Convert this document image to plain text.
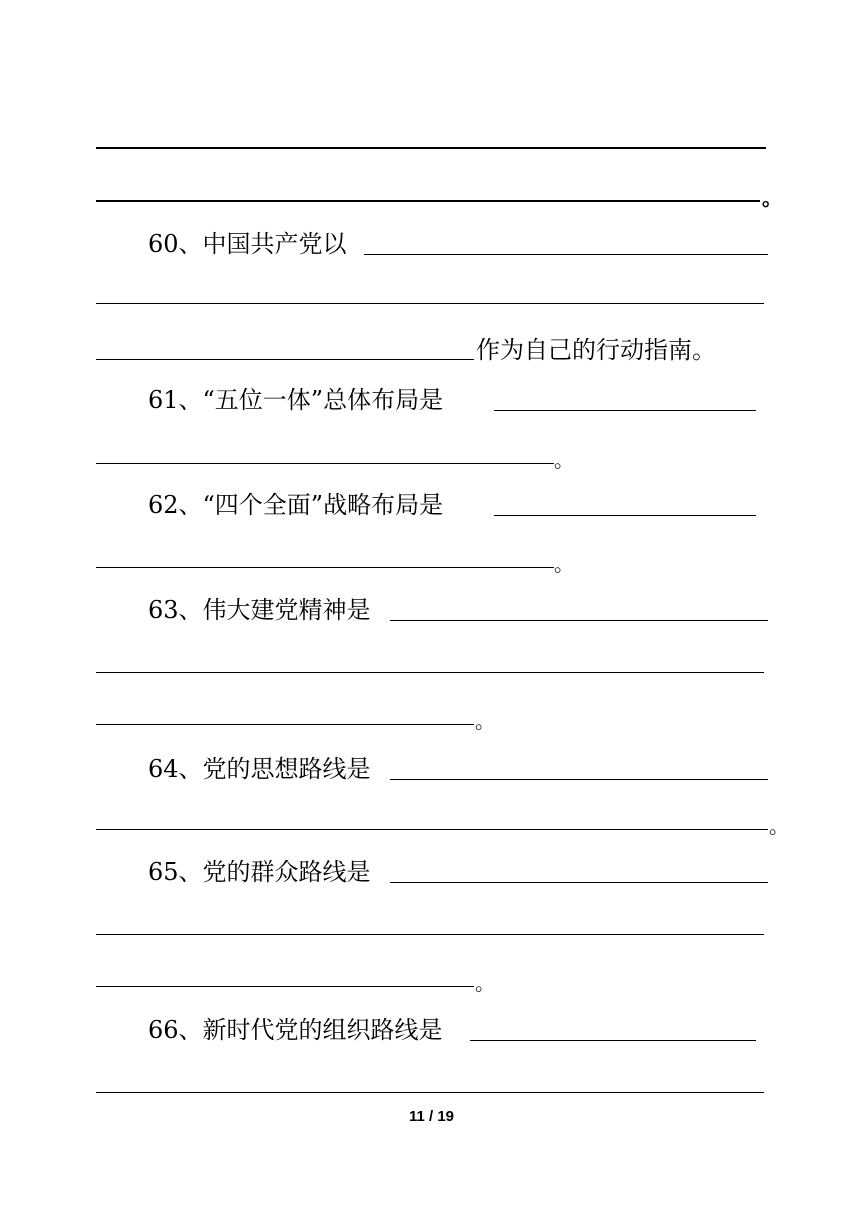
。
60、中国共产党以
作为自己的行动指南。
61、“五位一体”总体布局是
。
62、“四个全面”战略布局是
。
63、伟大建党精神是
。
64、党的思想路线是
。
65、党的群众路线是
。
66、新时代党的组织路线是
11 / 19
